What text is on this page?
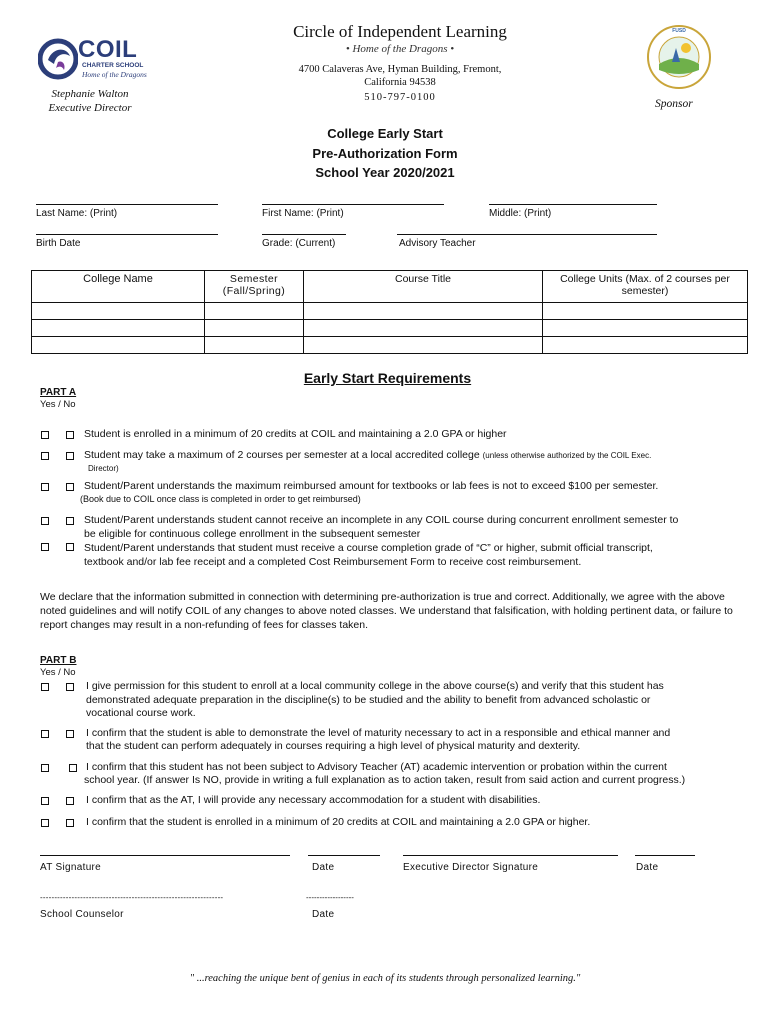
Circle of Independent Learning
• Home of the Dragons •
4700 Calaveras Ave, Hyman Building, Fremont,
California 94538
510-797-0100
COIL
CHARTER SCHOOL
Home of the Dragons
Stephanie Walton
Executive Director
FUSD
Sponsor
College Early Start
Pre-Authorization Form
School Year 2020/2021
Last Name: (Print)	First Name: (Print)	Middle: (Print)
Birth Date	Grade: (Current)	Advisory Teacher
College Name	Semester (Fall/Spring)	Course Title	College Units (Max. of 2 courses per semester)

Early Start Requirements
PART A
Yes / No
Student is enrolled in a minimum of 20 credits at COIL and maintaining a 2.0 GPA or higher
Student may take a maximum of 2 courses per semester at a local accredited college (unless otherwise authorized by the COIL Exec.
Director)
Student/Parent understands the maximum reimbursed amount for textbooks or lab fees is not to exceed $100 per semester.
(Book due to COIL once class is completed in order to get reimbursed)
Student/Parent understands student cannot receive an incomplete in any COIL course during concurrent enrollment semester to
be eligible for continuous college enrollment in the subsequent semester
Student/Parent understands that student must receive a course completion grade of “C” or higher, submit official transcript,
textbook and/or lab fee receipt and a completed Cost Reimbursement Form to receive cost reimbursement.
We declare that the information submitted in connection with determining pre-authorization is true and correct. Additionally, we agree with the above noted guidelines and will notify COIL of any changes to above noted classes. We understand that falsification, with holding pertinent data, or failure to report changes may result in a non-refunding of fees for classes taken.
PART B
Yes / No
I give permission for this student to enroll at a local community college in the above course(s) and verify that this student has
demonstrated adequate preparation in the discipline(s) to be studied and the ability to benefit from advanced scholastic or
vocational course work.
I confirm that the student is able to demonstrate the level of maturity necessary to act in a responsible and ethical manner and
that the student can perform adequately in courses requiring a high level of physical maturity and dexterity.
I confirm that this student has not been subject to Advisory Teacher (AT) academic intervention or probation within the current
school year. (If answer Is NO, provide in writing a full explanation as to action taken, result from said action and current progress.)
I confirm that as the AT, I will provide any necessary accommodation for a student with disabilities.
I confirm that the student is enrolled in a minimum of 20 credits at COIL and maintaining a 2.0 GPA or higher.
AT Signature	Date	Executive Director Signature	Date
----------------------------------------------------------------	------------------
School Counselor	Date
" ...reaching the unique bent of genius in each of its students through personalized learning."
